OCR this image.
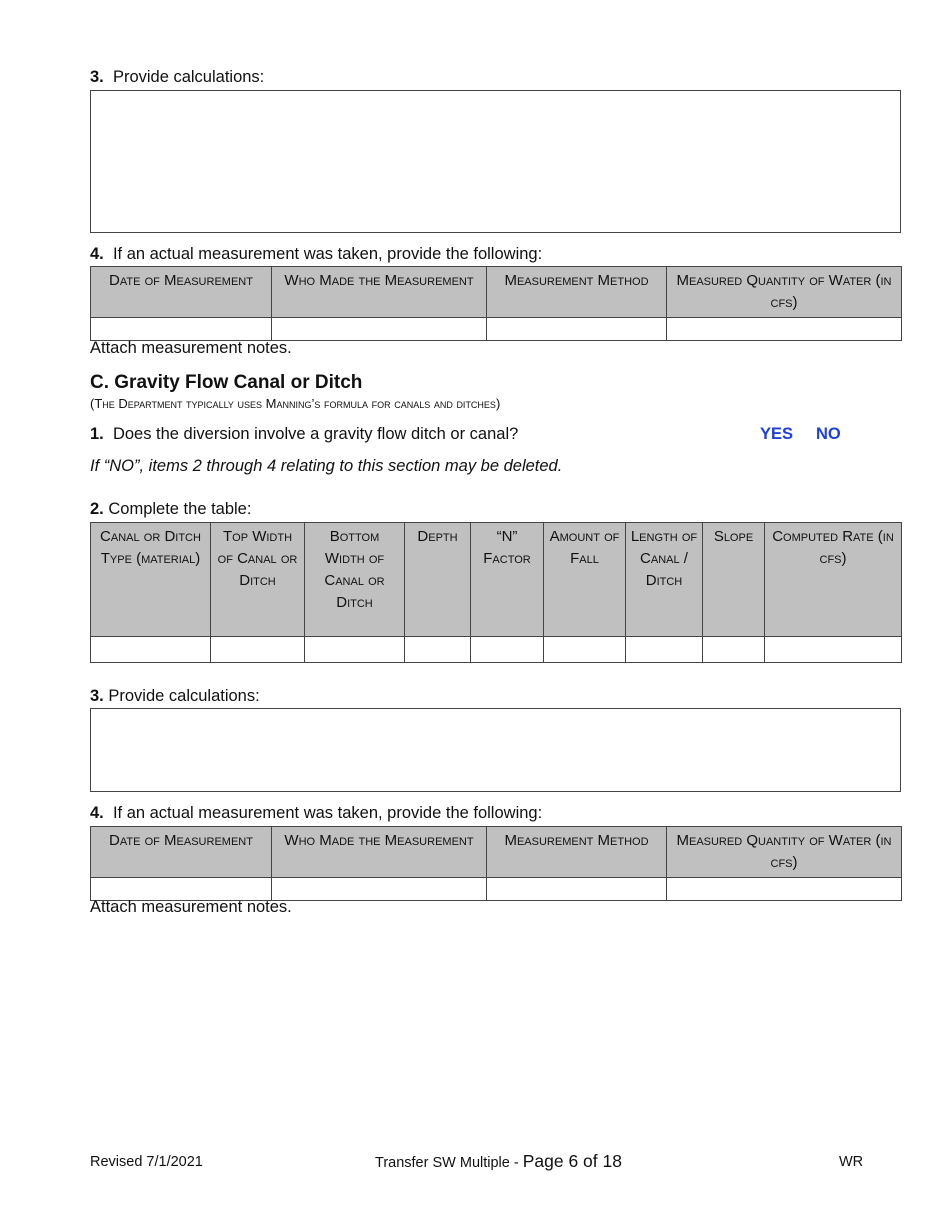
3. Provide calculations:
4. If an actual measurement was taken, provide the following:
Date of Measurement	Who Made the Measurement	Measurement Method	Measured Quantity of Water (in cfs)

Attach measurement notes.
C. Gravity Flow Canal or Ditch
(The Department typically uses Manning’s formula for canals and ditches)
1. Does the diversion involve a gravity flow ditch or canal?	YES NO
If “NO”, items 2 through 4 relating to this section may be deleted.
2. Complete the table:
Canal or Ditch Type (material)	Top Width of Canal or Ditch	Bottom Width of Canal or Ditch	Depth	“N” Factor	Amount of Fall	Length of Canal / Ditch	Slope	Computed Rate (in cfs)

3. Provide calculations:
4. If an actual measurement was taken, provide the following:
Date of Measurement	Who Made the Measurement	Measurement Method	Measured Quantity of Water (in cfs)

Attach measurement notes.
Revised 7/1/2021	Transfer SW Multiple - Page 6 of 18	WR
